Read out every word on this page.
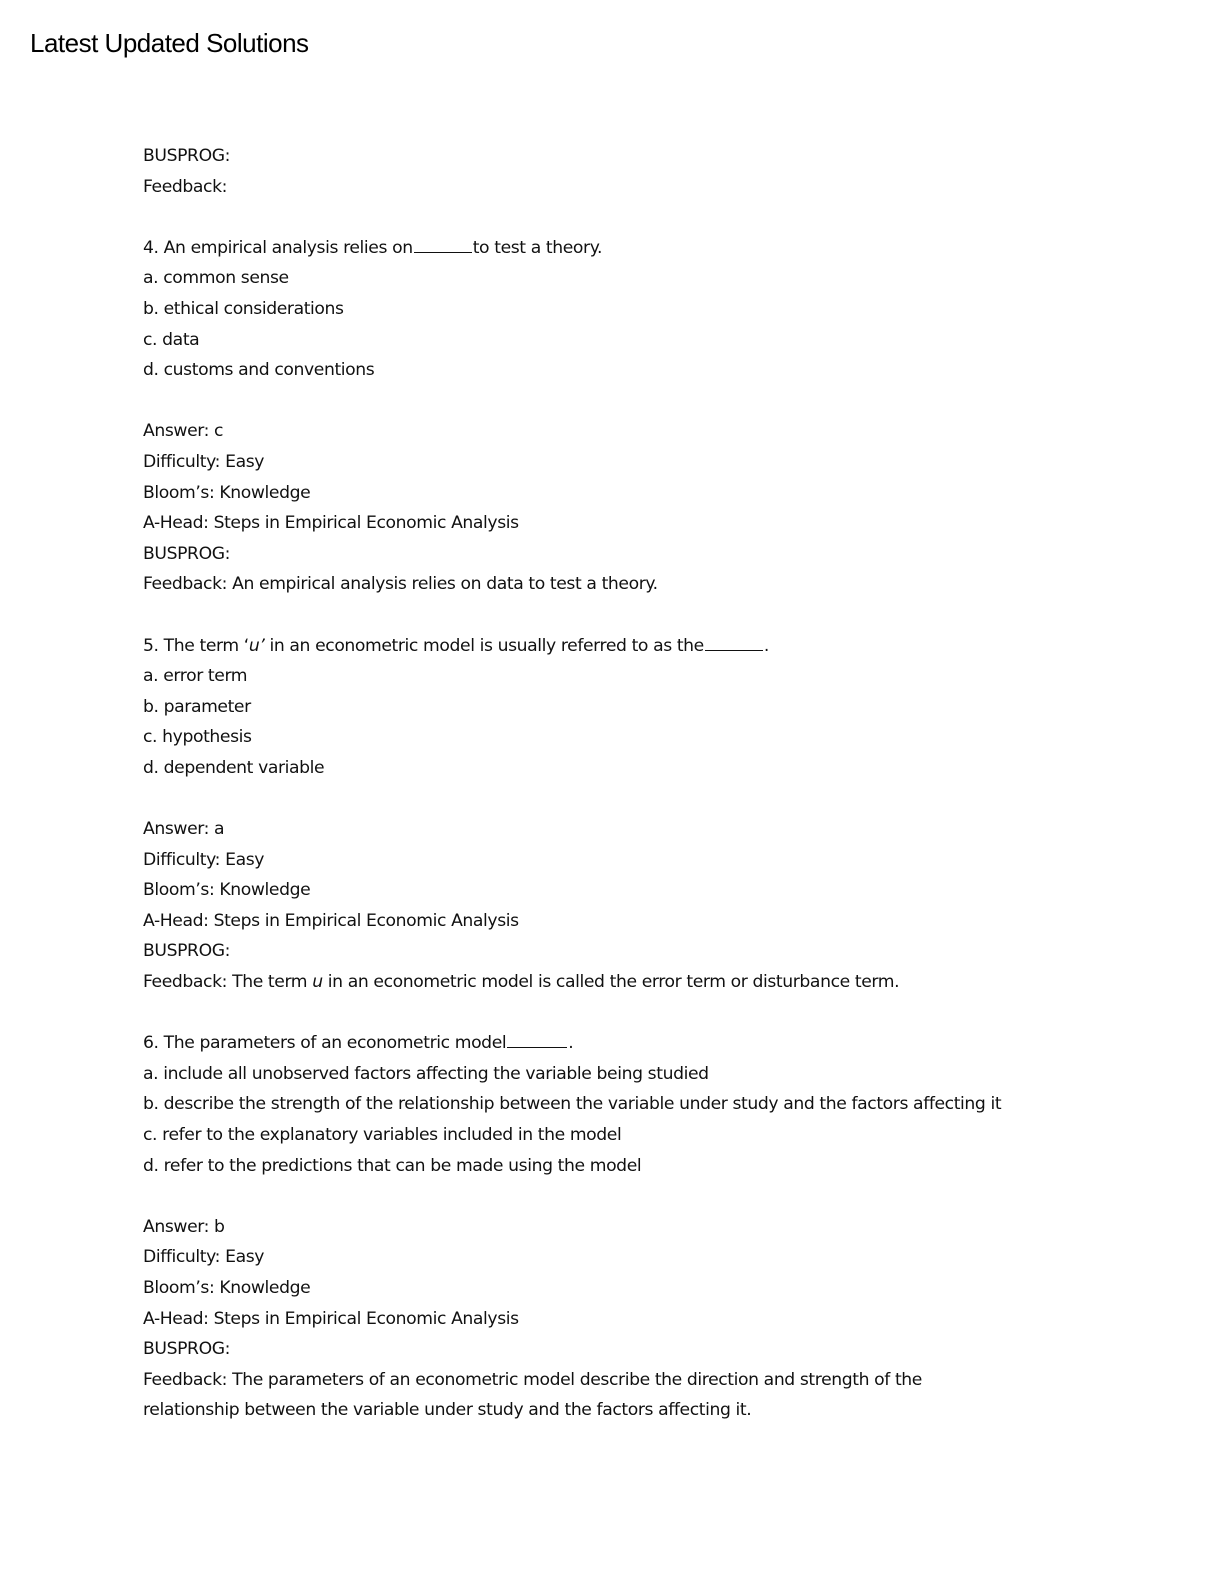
Latest Updated Solutions
BUSPROG:
Feedback:
4. An empirical analysis relies on	to test a theory.
a. common sense
b. ethical considerations
c. data
d. customs and conventions
Answer: c
Difficulty: Easy
Bloom’s: Knowledge
A-Head: Steps in Empirical Economic Analysis
BUSPROG:
Feedback: An empirical analysis relies on data to test a theory.
5. The term ‘u’ in an econometric model is usually referred to as the	.
a. error term
b. parameter
c. hypothesis
d. dependent variable
Answer: a
Difficulty: Easy
Bloom’s: Knowledge
A-Head: Steps in Empirical Economic Analysis
BUSPROG:
Feedback: The term u in an econometric model is called the error term or disturbance term.
6. The parameters of an econometric model	.
a. include all unobserved factors affecting the variable being studied
b. describe the strength of the relationship between the variable under study and the factors affecting it
c. refer to the explanatory variables included in the model
d. refer to the predictions that can be made using the model
Answer: b
Difficulty: Easy
Bloom’s: Knowledge
A-Head: Steps in Empirical Economic Analysis
BUSPROG:
Feedback: The parameters of an econometric model describe the direction and strength of the
relationship between the variable under study and the factors affecting it.
